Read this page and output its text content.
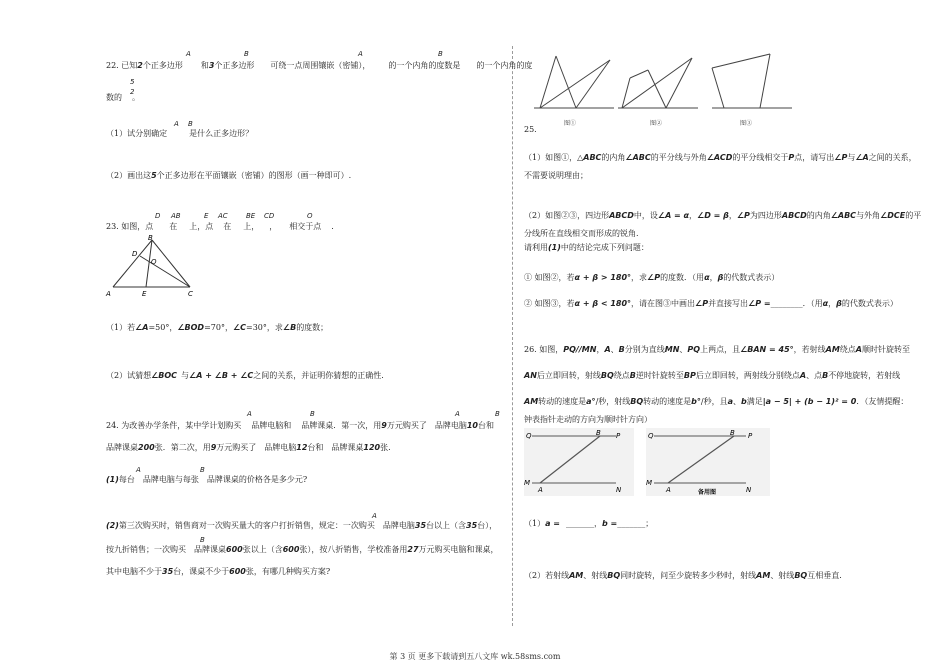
A	B	A	B
22. 已知2个正多边形 和3个正多边形 可绕一点周围镶嵌（密铺）， 的一个内角的度数是 的一个内角的度
5
2
数的 。
A B
（1）试分别确定	是什么正多边形？
（2）画出这5个正多边形在平面镶嵌（密铺）的图形（画一种即可）.
D AB	E AC	BE CD	O
23. 如图，点 在 上，点 在 上， ， 相交于点 .
B
D
O
A	E	C
（1）若∠A=50°，∠BOD=70°，∠C=30°，求∠B的度数；
（2）试猜想∠BOC 与∠A + ∠B + ∠C之间的关系，并证明你猜想的正确性.
A	B	A	B
24. 为改善办学条件，某中学计划购买 品牌电脑和 品牌课桌．第一次，用9万元购买了 品牌电脑10台和
品牌课桌200张．第二次，用9万元购买了 品牌电脑12台和 品牌课桌120张.
A	B
(1)每台 品牌电脑与每张 品牌课桌的价格各是多少元?
A
(2)第三次购买时，销售商对一次购买量大的客户打折销售，规定：一次购买 品牌电脑35台以上（含35台），
B
按九折销售；一次购买 品牌课桌600张以上（含600张），按八折销售，学校准备用27万元购买电脑和课桌，
其中电脑不少于35台，课桌不少于600张，有哪几种购买方案?
图①	图②	图③
25.
（1）如图①，△ABC的内角∠ABC的平分线与外角∠ACD的平分线相交于P点，请写出∠P与∠A之间的关系，
不需要说明理由；
（2）如图②③，四边形ABCD中，设∠A = α，∠D = β，∠P为四边形ABCD的内角∠ABC与外角∠DCE的平
分线所在直线相交而形成的锐角.
请利用(1)中的结论完成下列问题：
① 如图②，若α + β > 180°，求∠P的度数．（用α，β的代数式表示）
② 如图③，若α + β < 180°，请在图③中画出∠P并直接写出∠P =________．（用α，β的代数式表示）
26. 如图，PQ//MN，A、B分别为直线MN、PQ上两点，且∠BAN = 45°，若射线AM绕点A顺时针旋转至
AN后立即回转，射线BQ绕点B逆时针旋转至BP后立即回转，两射线分别绕点A、点B不停地旋转，若射线
AM转动的速度是a°/秒，射线BQ转动的速度是b°/秒，且a、b满足|a − 5| + (b − 1)² = 0．（友情提醒：
钟表指针走动的方向为顺时针方向）
Q	B P
M
A	N
Q	B P
M
A	N
备用图
（1）a = _______，b =_______；
（2）若射线AM、射线BQ同时旋转，问至少旋转多少秒时，射线AM、射线BQ互相垂直.
第 3 页 更多下载请到五八文库 wk.58sms.com
